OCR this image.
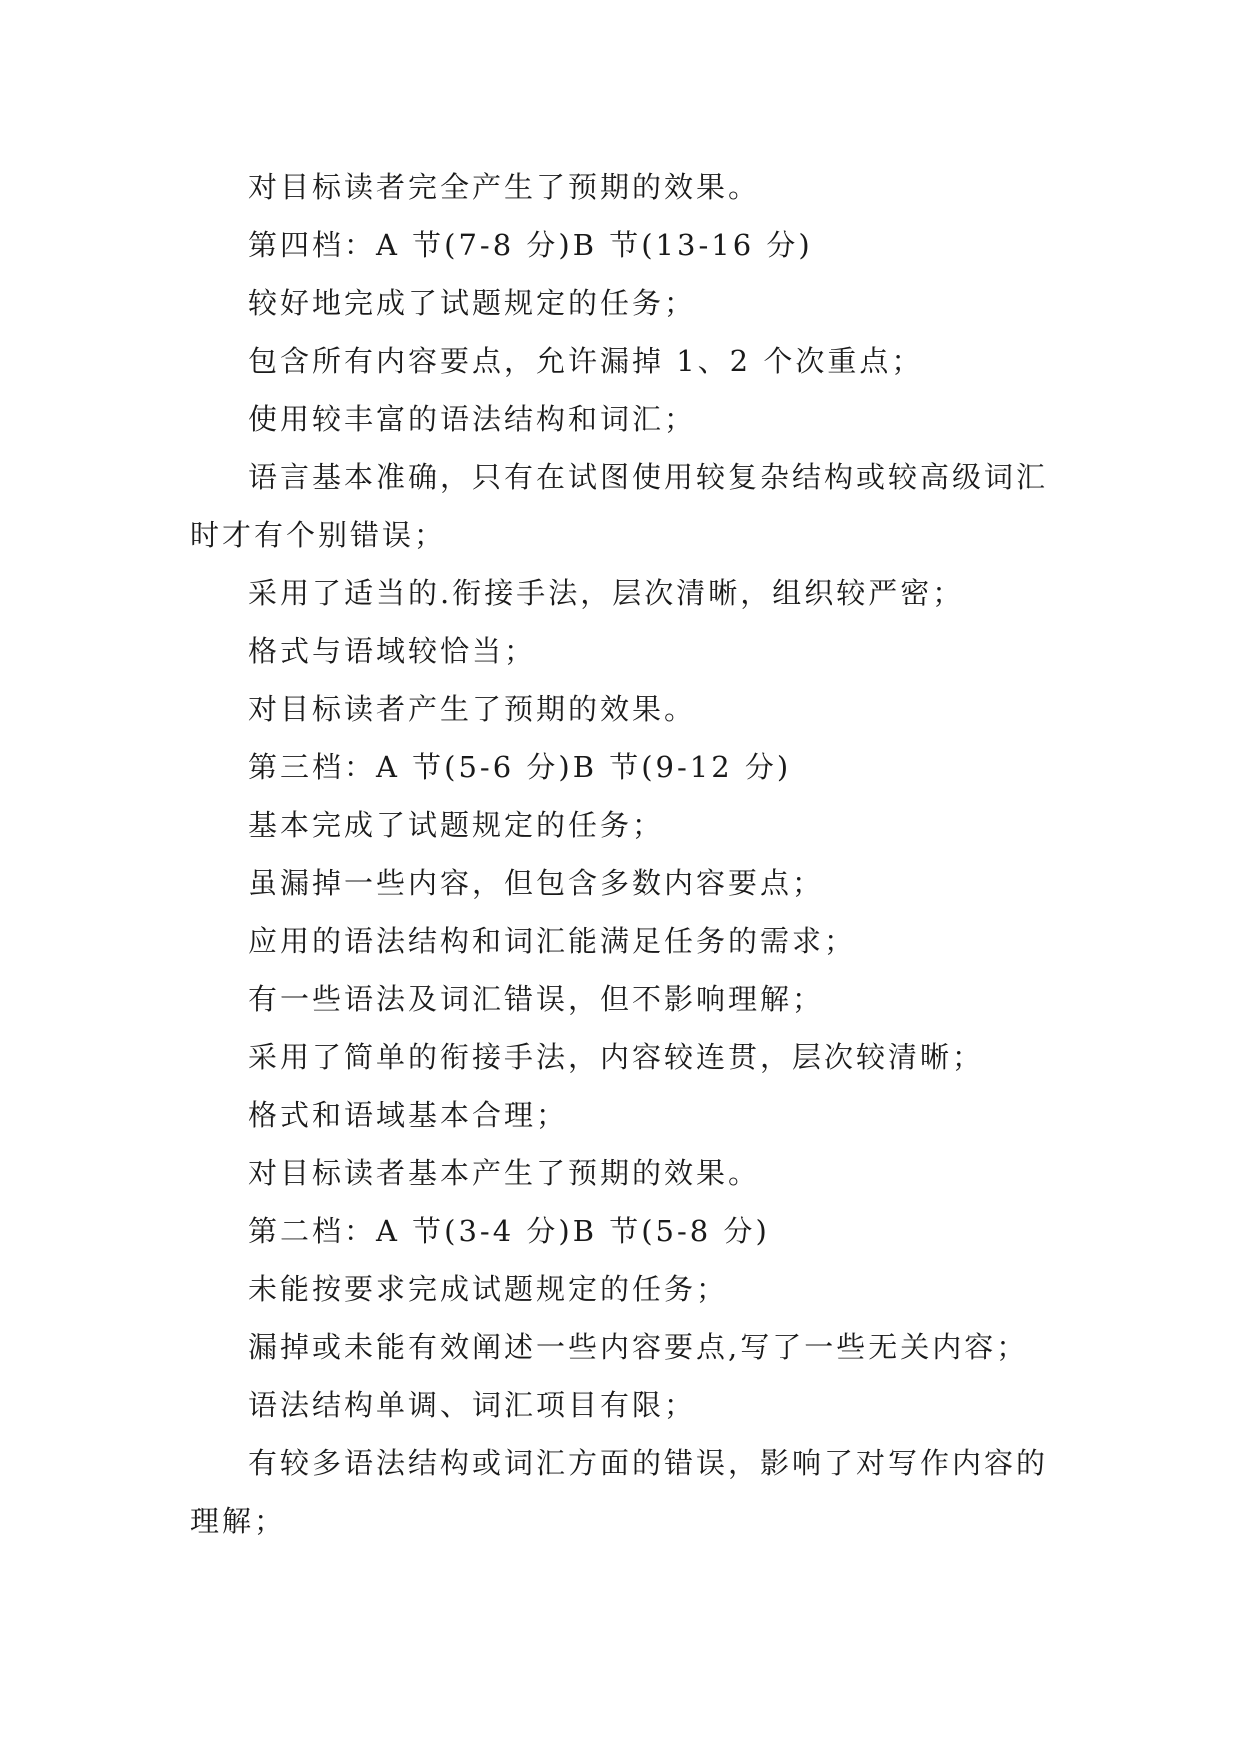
对目标读者完全产生了预期的效果。

第四档：A 节(7-8 分)B 节(13-16 分)

较好地完成了试题规定的任务；

包含所有内容要点，允许漏掉 1、2 个次重点；

使用较丰富的语法结构和词汇；

语言基本准确，只有在试图使用较复杂结构或较高级词汇时才有个别错误；

采用了适当的.衔接手法，层次清晰，组织较严密；

格式与语域较恰当；

对目标读者产生了预期的效果。

第三档：A 节(5-6 分)B 节(9-12 分)

基本完成了试题规定的任务；

虽漏掉一些内容，但包含多数内容要点；

应用的语法结构和词汇能满足任务的需求；

有一些语法及词汇错误，但不影响理解；

采用了简单的衔接手法，内容较连贯，层次较清晰；

格式和语域基本合理；

对目标读者基本产生了预期的效果。

第二档：A 节(3-4 分)B 节(5-8 分)

未能按要求完成试题规定的任务；

漏掉或未能有效阐述一些内容要点,写了一些无关内容；

语法结构单调、词汇项目有限；

有较多语法结构或词汇方面的错误，影响了对写作内容的理解；
